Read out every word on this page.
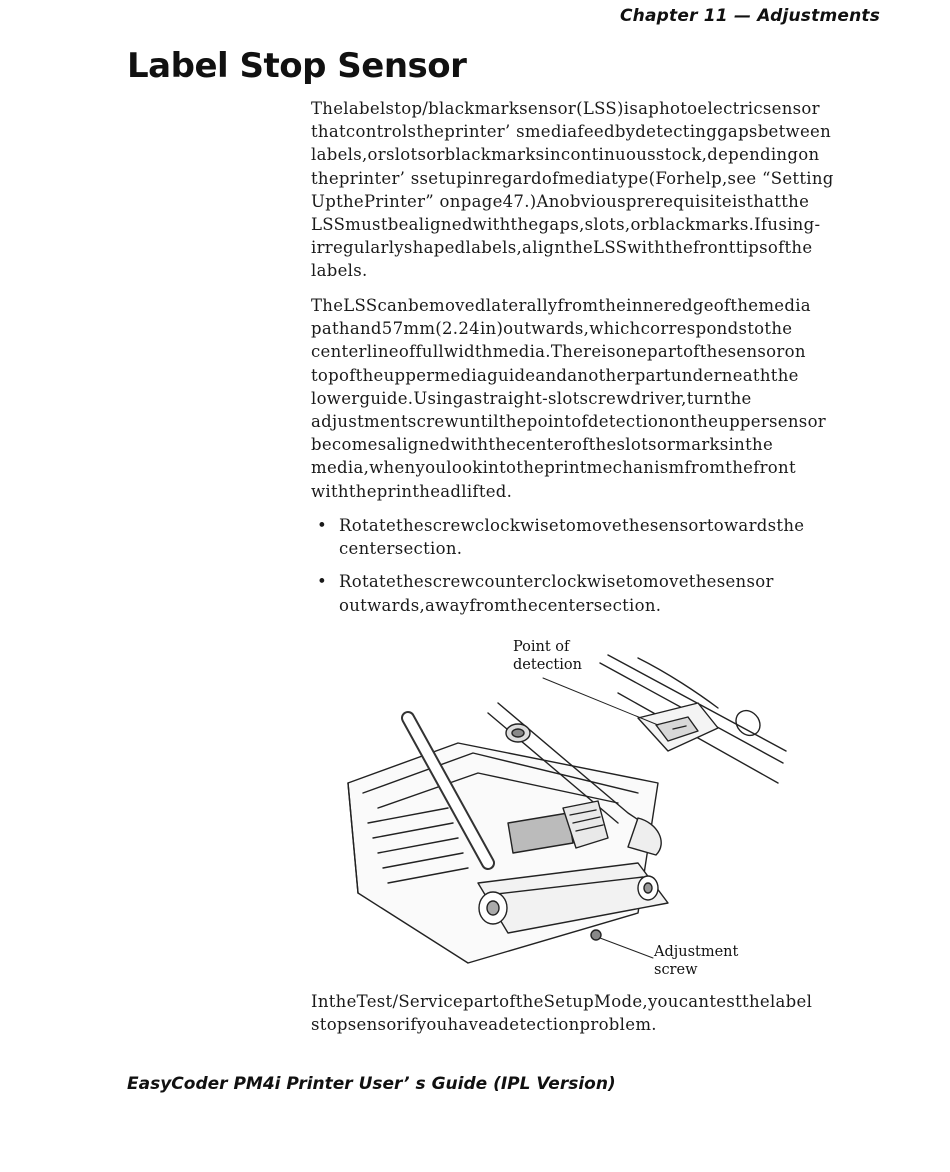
Chapter 11 — Adjustments
Label Stop Sensor
Thelabelstop/blackmarksensor(LSS)isaphotoelectricsensor
thatcontrolstheprinter’ smediafeedbydetectinggapsbetween
labels,orslotsorblackmarksincontinuousstock,dependingon
theprinter’ ssetupinregardofmediatype(Forhelp,see “Setting
UpthePrinter” onpage47.)Anobviousprerequisiteisthatthe
LSSmustbealignedwiththegaps,slots,orblackmarks.Ifusing-
irregularlyshapedlabels,aligntheLSSwiththefronttipsofthe
labels.
TheLSScanbemovedlaterallyfromtheinneredgeofthemedia
pathand57mm(2.24in)outwards,whichcorrespondstothe
centerlineoffullwidthmedia.Thereisonepartofthesensoron
topoftheuppermediaguideandanotherpartunderneaththe
lowerguide.Usingastraight-slotscrewdriver,turnthe
adjustmentscrewuntilthepointofdetectionontheuppersensor
becomesalignedwiththecenteroftheslotsormarksinthe
media,whenyoulookintotheprintmechanismfromthefront
withtheprintheadlifted.
• Rotatethescrewclockwisetomovethesensortowardsthe
centersection.
• Rotatethescrewcounterclockwisetomovethesensor
outwards,awayfromthecentersection.
Point of
detection
Adjustment
screw
IntheTest/ServicepartoftheSetupMode,youcantestthelabel
stopsensorifyouhaveadetectionproblem.
EasyCoder PM4i Printer User’ s Guide (IPL Version)
